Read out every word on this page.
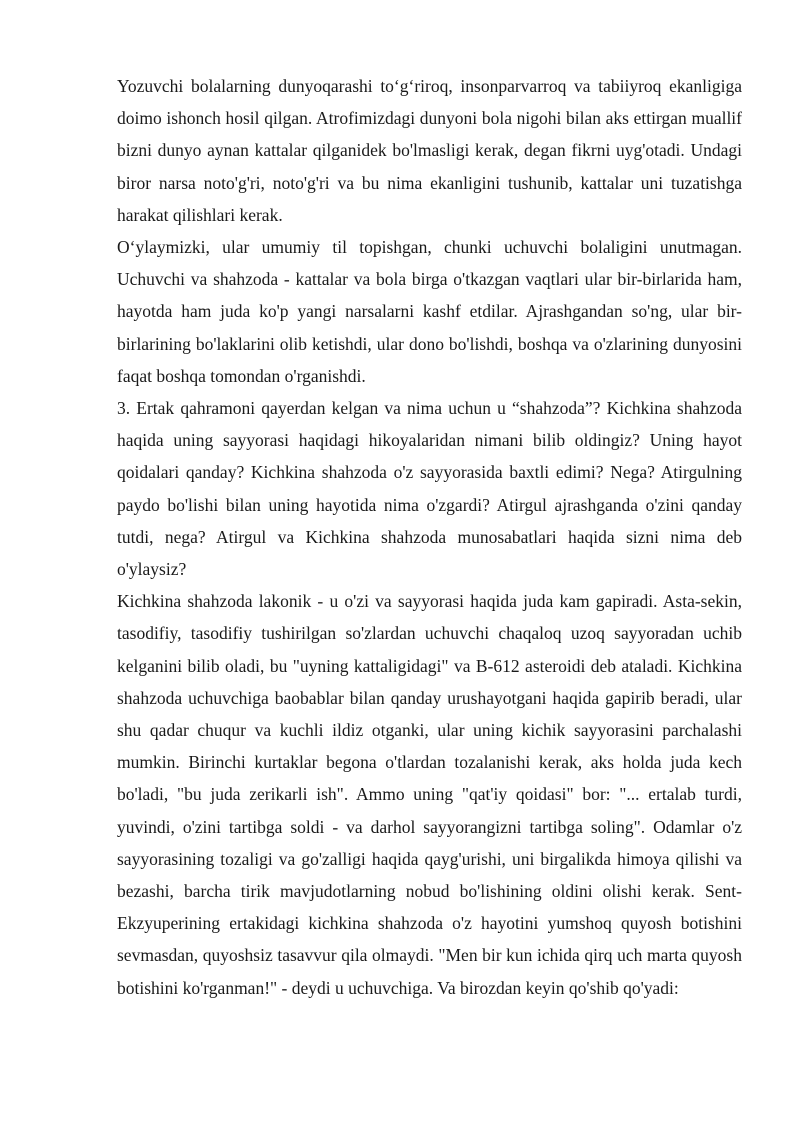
Yozuvchi bolalarning dunyoqarashi to‘g‘riroq, insonparvarroq va tabiiyroq ekanligiga doimo ishonch hosil qilgan. Atrofimizdagi dunyoni bola nigohi bilan aks ettirgan muallif bizni dunyo aynan kattalar qilganidek bo'lmasligi kerak, degan fikrni uyg'otadi. Undagi biror narsa noto'g'ri, noto'g'ri va bu nima ekanligini tushunib, kattalar uni tuzatishga harakat qilishlari kerak.

O‘ylaymizki, ular umumiy til topishgan, chunki uchuvchi bolaligini unutmagan. Uchuvchi va shahzoda - kattalar va bola birga o'tkazgan vaqtlari ular bir-birlarida ham, hayotda ham juda ko'p yangi narsalarni kashf etdilar. Ajrashgandan so'ng, ular bir-birlarining bo'laklarini olib ketishdi, ular dono bo'lishdi, boshqa va o'zlarining dunyosini faqat boshqa tomondan o'rganishdi.

3. Ertak qahramoni qayerdan kelgan va nima uchun u “shahzoda”? Kichkina shahzoda haqida uning sayyorasi haqidagi hikoyalaridan nimani bilib oldingiz? Uning hayot qoidalari qanday? Kichkina shahzoda o'z sayyorasida baxtli edimi? Nega? Atirgulning paydo bo'lishi bilan uning hayotida nima o'zgardi? Atirgul ajrashganda o'zini qanday tutdi, nega? Atirgul va Kichkina shahzoda munosabatlari haqida sizni nima deb o'ylaysiz?

Kichkina shahzoda lakonik - u o'zi va sayyorasi haqida juda kam gapiradi. Asta-sekin, tasodifiy, tasodifiy tushirilgan so'zlardan uchuvchi chaqaloq uzoq sayyoradan uchib kelganini bilib oladi, bu "uyning kattaligidagi" va B-612 asteroidi deb ataladi. Kichkina shahzoda uchuvchiga baobablar bilan qanday urushayotgani haqida gapirib beradi, ular shu qadar chuqur va kuchli ildiz otganki, ular uning kichik sayyorasini parchalashi mumkin. Birinchi kurtaklar begona o'tlardan tozalanishi kerak, aks holda juda kech bo'ladi, "bu juda zerikarli ish". Ammo uning "qat'iy qoidasi" bor: "... ertalab turdi, yuvindi, o'zini tartibga soldi - va darhol sayyorangizni tartibga soling". Odamlar o'z sayyorasining tozaligi va go'zalligi haqida qayg'urishi, uni birgalikda himoya qilishi va bezashi, barcha tirik mavjudotlarning nobud bo'lishining oldini olishi kerak. Sent-Ekzyuperining ertakidagi kichkina shahzoda o'z hayotini yumshoq quyosh botishini sevmasdan, quyoshsiz tasavvur qila olmaydi. "Men bir kun ichida qirq uch marta quyosh botishini ko'rganman!" - deydi u uchuvchiga. Va birozdan keyin qo'shib qo'yadi:
